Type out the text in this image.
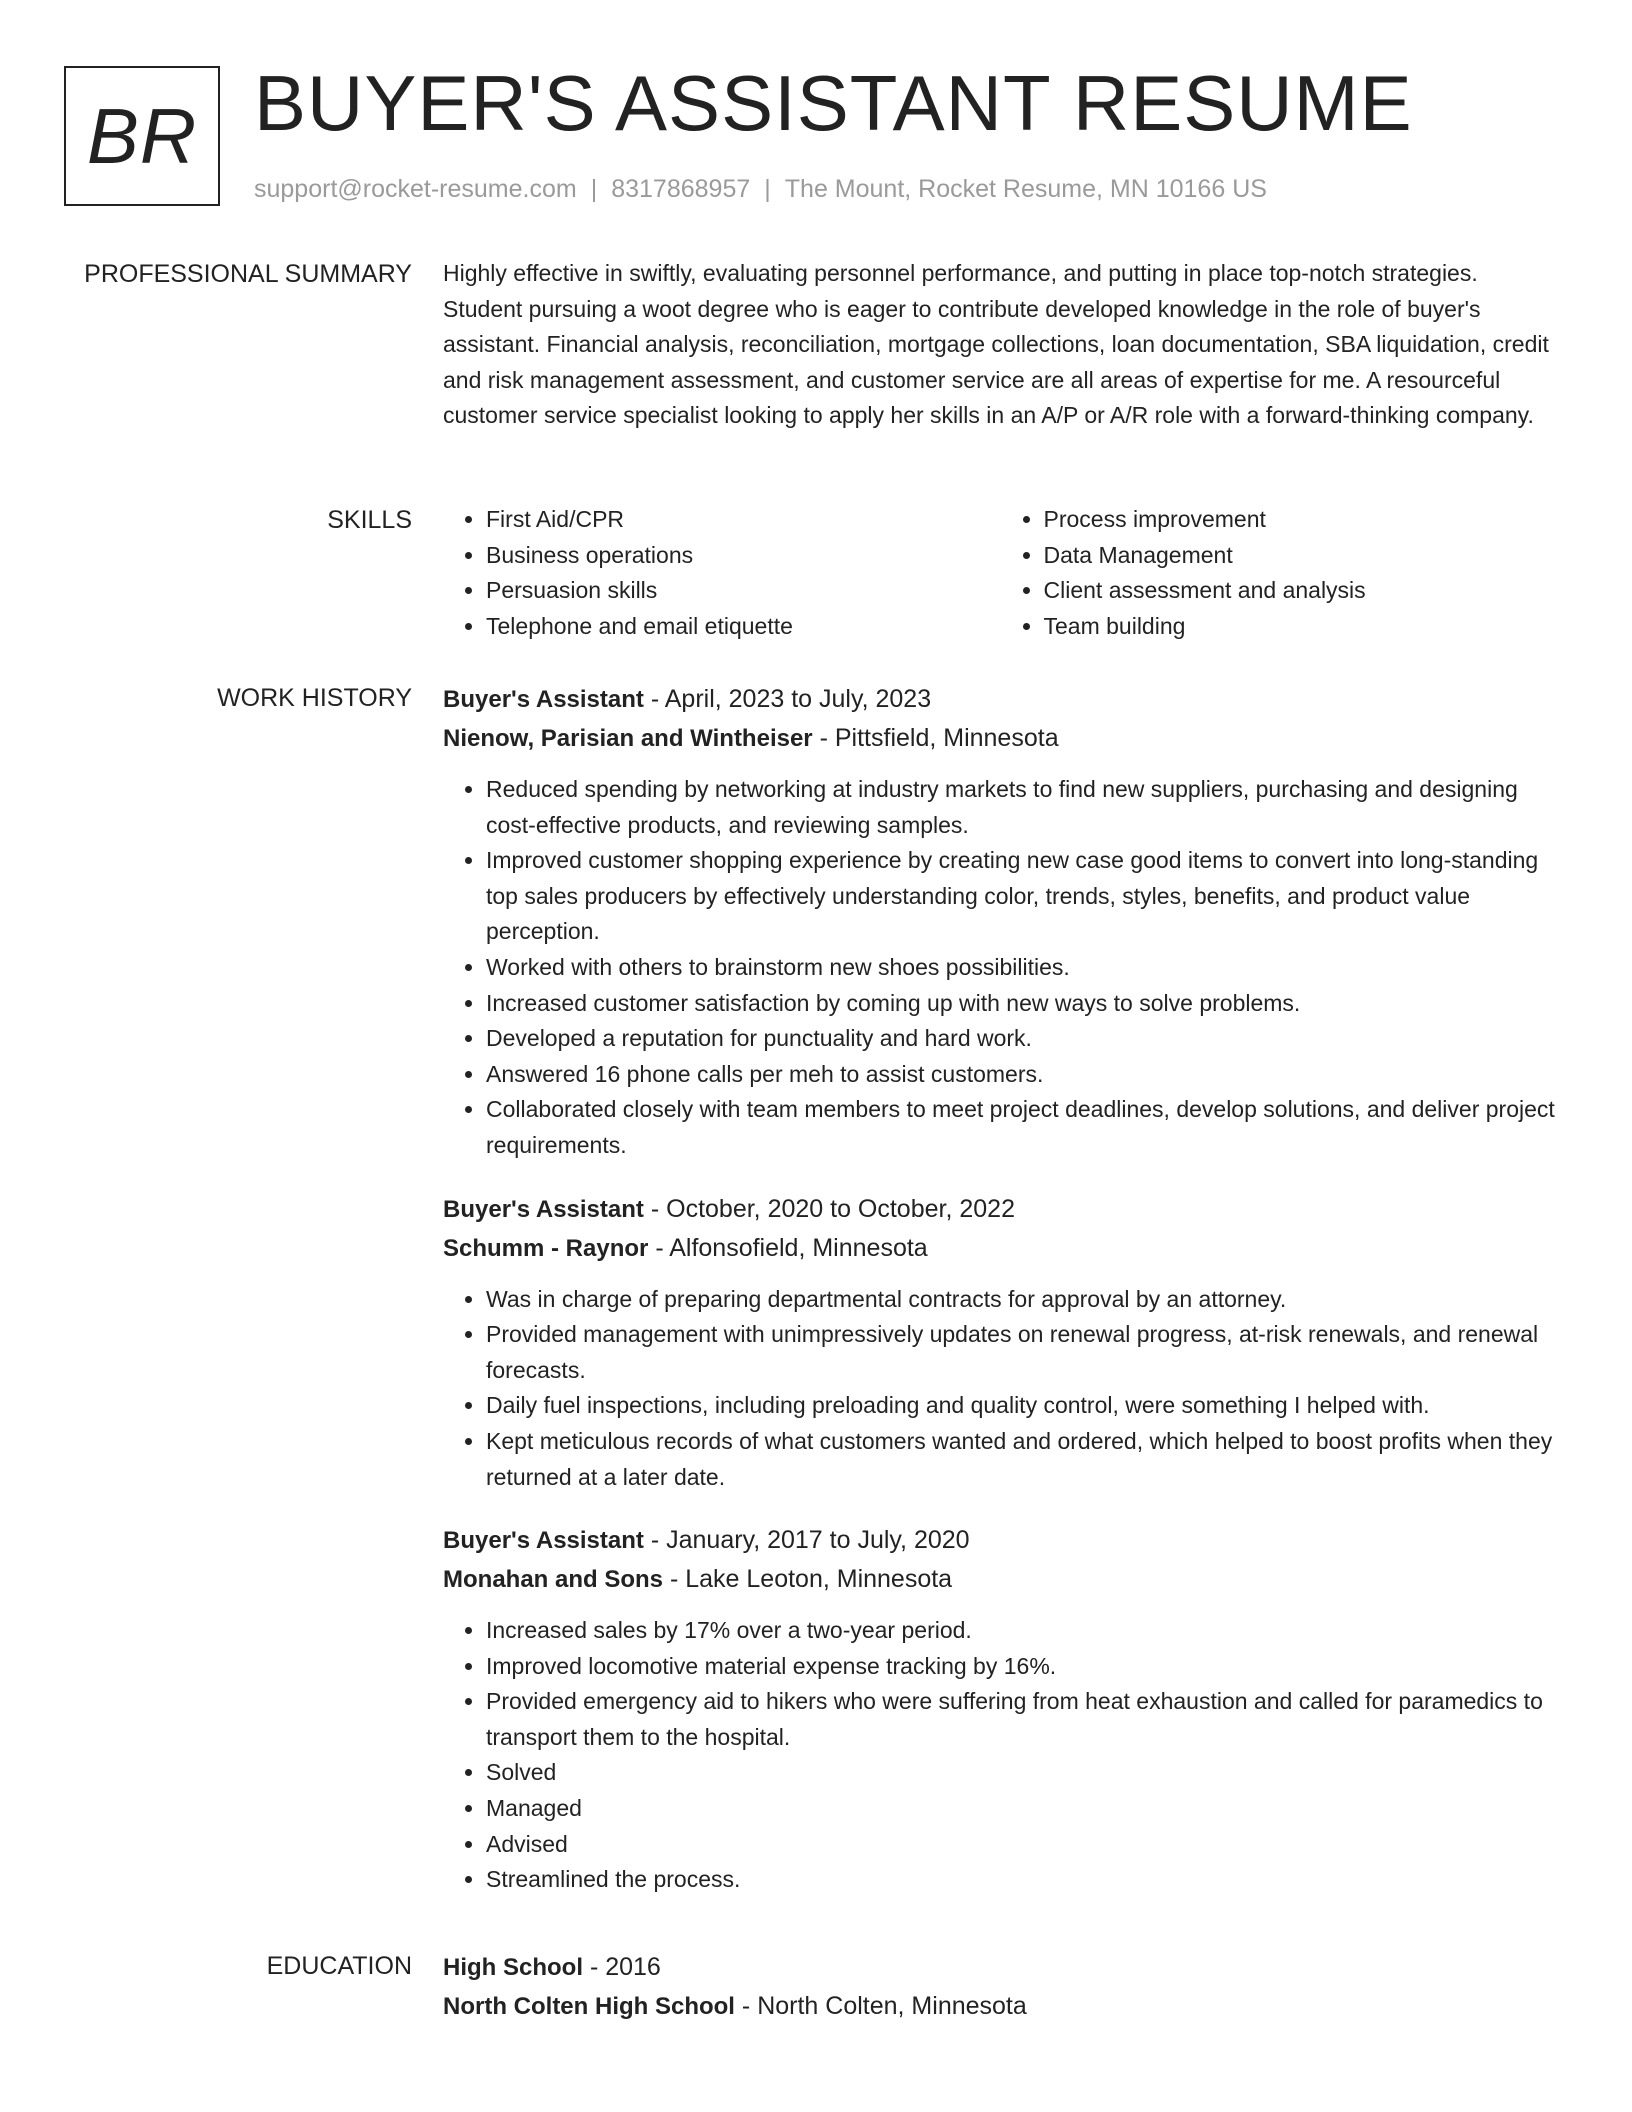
BR BUYER'S ASSISTANT RESUME
support@rocket-resume.com | 8317868957 | The Mount, Rocket Resume, MN 10166 US
PROFESSIONAL SUMMARY Highly effective in swiftly, evaluating personnel performance, and putting in place top-notch strategies. Student pursuing a woot degree who is eager to contribute developed knowledge in the role of buyer's assistant. Financial analysis, reconciliation, mortgage collections, loan documentation, SBA liquidation, credit and risk management assessment, and customer service are all areas of expertise for me. A resourceful customer service specialist looking to apply her skills in an A/P or A/R role with a forward-thinking company.

SKILLS
•	First Aid/CPR
• Business operations
• Persuasion skills
• Telephone and email etiquette
• Process improvement
• Data Management
• Client assessment and analysis
• Team building
WORK HISTORY Buyer's Assistant - April, 2023 to July, 2023
Nienow, Parisian and Wintheiser - Pittsfield, Minnesota
• Reduced spending by networking at industry markets to find new suppliers, purchasing and designing cost-effective products, and reviewing samples.
• Improved customer shopping experience by creating new case good items to convert into long-standing top sales producers by effectively understanding color, trends, styles, benefits, and product value perception.
• Worked with others to brainstorm new shoes possibilities.
• Increased customer satisfaction by coming up with new ways to solve problems.
• Developed a reputation for punctuality and hard work.
• Answered 16 phone calls per meh to assist customers.
• Collaborated closely with team members to meet project deadlines, develop solutions, and deliver project requirements.
Buyer's Assistant - October, 2020 to October, 2022
Schumm - Raynor - Alfonsofield, Minnesota
• Was in charge of preparing departmental contracts for approval by an attorney.
• Provided management with unimpressively updates on renewal progress, at-risk renewals, and renewal forecasts.
• Daily fuel inspections, including preloading and quality control, were something I helped with.
• Kept meticulous records of what customers wanted and ordered, which helped to boost profits when they returned at a later date.
Buyer's Assistant - January, 2017 to July, 2020
Monahan and Sons - Lake Leoton, Minnesota
• Increased sales by 17% over a two-year period.
• Improved locomotive material expense tracking by 16%.
• Provided emergency aid to hikers who were suffering from heat exhaustion and called for paramedics to transport them to the hospital.
• Solved
• Managed
• Advised
• Streamlined the process.
EDUCATION High School - 2016
North Colten High School - North Colten, Minnesota
